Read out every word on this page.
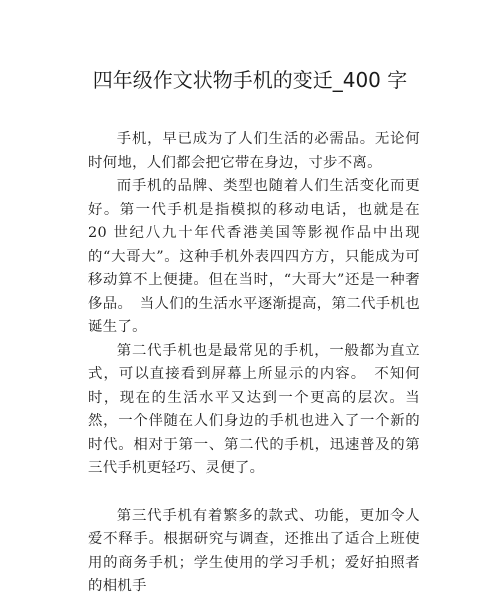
四年级作文状物手机的变迁_400 字

手机，早已成为了人们生活的必需品。无论何时何地，人们都会把它带在身边，寸步不离。

而手机的品牌、类型也随着人们生活变化而更好。第一代手机是指模拟的移动电话，也就是在 20 世纪八九十年代香港美国等影视作品中出现的“大哥大”。这种手机外表四四方方，只能成为可移动算不上便捷。但在当时，“大哥大”还是一种奢侈品。　当人们的生活水平逐渐提高，第二代手机也诞生了。

第二代手机也是最常见的手机，一般都为直立式，可以直接看到屏幕上所显示的内容。　不知何时，现在的生活水平又达到一个更高的层次。当然，一个伴随在人们身边的手机也进入了一个新的时代。相对于第一、第二代的手机，迅速普及的第三代手机更轻巧、灵便了。

第三代手机有着繁多的款式、功能，更加令人爱不释手。根据研究与调查，还推出了适合上班使用的商务手机；学生使用的学习手机；爱好拍照者的相机手
